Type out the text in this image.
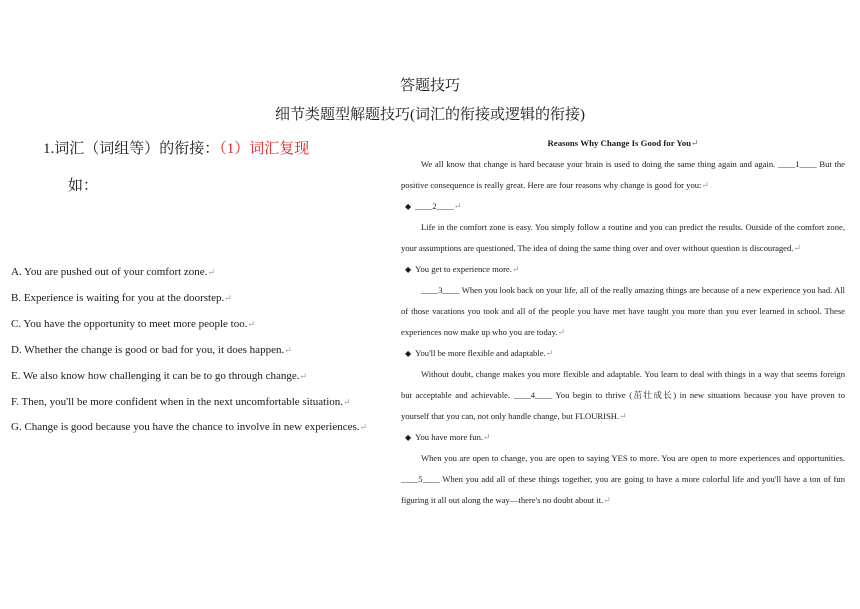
答题技巧
细节类题型解题技巧(词汇的衔接或逻辑的衔接)
1.词汇（词组等）的衔接：（1）词汇复现
如：
A. You are pushed out of your comfort zone.↵
B. Experience is waiting for you at the doorstep.↵
C. You have the opportunity to meet more people too.↵
D. Whether the change is good or bad for you, it does happen.↵
E. We also know how challenging it can be to go through change.↵
F. Then, you'll be more confident when in the next uncomfortable situation.↵
G. Change is good because you have the chance to involve in new experiences.↵
Reasons Why Change Is Good for You↵
We all know that change is hard because your brain is used to doing the same thing again and again. ____1____ But the positive consequence is really great. Here are four reasons why change is good for you:↵
◆ ____2____↵
Life in the comfort zone is easy. You simply follow a routine and you can predict the results. Outside of the comfort zone, your assumptions are questioned. The idea of doing the same thing over and over without question is discouraged.↵
◆ You get to experience more.↵
____3____ When you look back on your life, all of the really amazing things are because of a new experience you had. All of those vacations you took and all of the people you have met have taught you more than you ever learned in school. These experiences now make up who you are today.↵
◆ You'll be more flexible and adaptable.↵
Without doubt, change makes you more flexible and adaptable. You learn to deal with things in a way that seems foreign but acceptable and achievable. ____4____ You begin to thrive (茁壮成长) in new situations because you have proven to yourself that you can, not only handle change, but FLOURISH.↵
◆ You have more fun.↵
When you are open to change, you are open to saying YES to more. You are open to more experiences and opportunities. ____5____ When you add all of these things together, you are going to have a more colorful life and you'll have a ton of fun figuring it all out along the way—there's no doubt about it.↵
